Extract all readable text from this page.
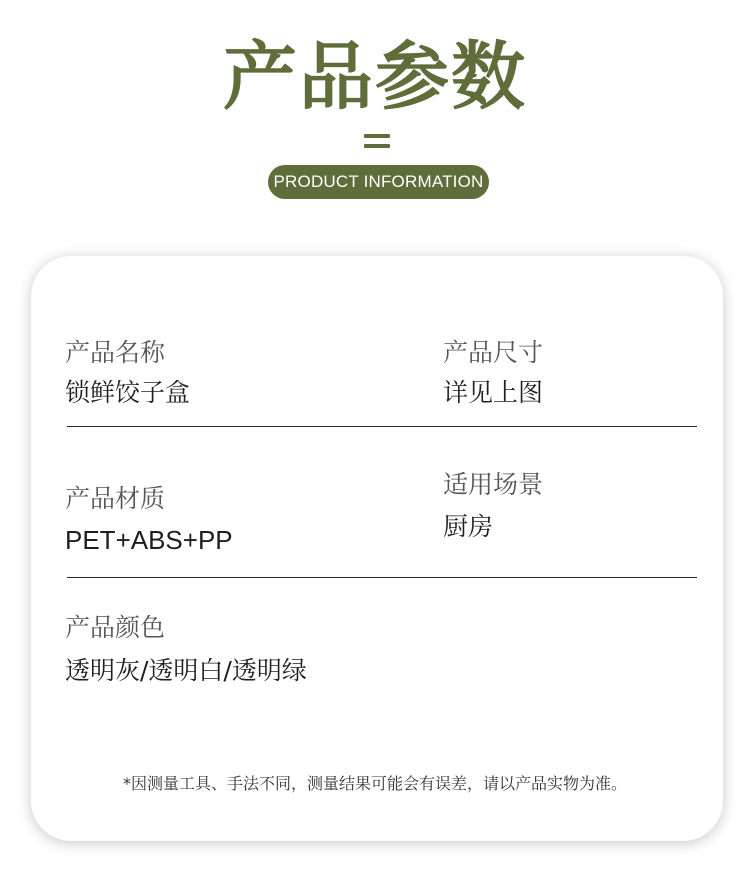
产品参数
PRODUCT INFORMATION
产品名称
锁鲜饺子盒
产品尺寸
详见上图
产品材质
PET+ABS+PP
适用场景
厨房
产品颜色
透明灰/透明白/透明绿
*因测量工具、手法不同，测量结果可能会有误差，请以产品实物为准。
